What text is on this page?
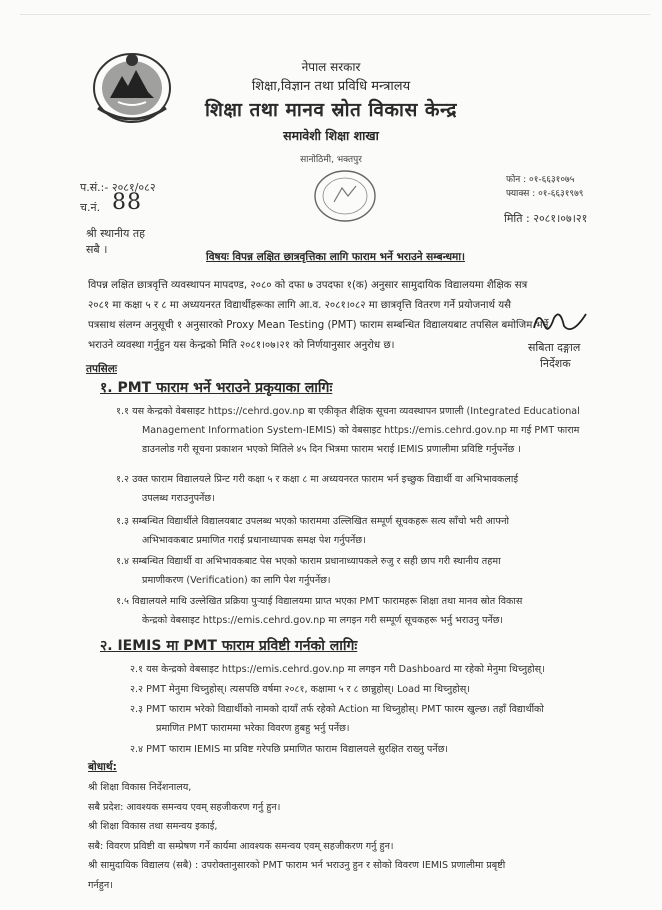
नेपाल सरकार
शिक्षा,विज्ञान तथा प्रविधि मन्त्रालय
शिक्षा तथा मानव स्रोत विकास केन्द्र
समावेशी शिक्षा शाखा
सानोठिमी, भक्तपुर
फोन : ०१-६६३१०७५
फ्याक्स : ०१-६६३१९७९
प.सं.:- २०८१/०८२
च.नं. 88
मिति : २०८१।०७।२१
श्री स्थानीय तह
सबै ।
विषयः विपन्न लक्षित छात्रवृत्तिका लागि फाराम भर्ने भराउने सम्बन्धमा।
विपन्न लक्षित छात्रवृत्ति व्यवस्थापन मापदण्ड, २०८० को दफा ७ उपदफा १(क) अनुसार सामुदायिक विद्यालयमा शैक्षिक सत्र
२०८१ मा कक्षा ५ र ८ मा अध्ययनरत विद्यार्थीहरूका लागि आ.व. २०८१।०८२ मा छात्रवृत्ति वितरण गर्ने प्रयोजनार्थ यसै
पत्रसाथ संलग्न अनुसूची १ अनुसारको Proxy Mean Testing (PMT) फाराम सम्बन्धित विद्यालयबाट तपसिल बमोजिम भर्ने
भराउने व्यवस्था गर्नुहुन यस केन्द्रको मिति २०८१।०७।२१ को निर्णयानुसार अनुरोध छ।	सबिता दङ्गाल
निर्देशक
तपसिलः
१. PMT फाराम भर्ने भराउने प्रकृयाका लागिः
१.१ यस केन्द्रको वेबसाइट https://cehrd.gov.np बा एकीकृत शैक्षिक सूचना व्यवस्थापन प्रणाली (Integrated Educational
Management Information System-IEMIS) को वेबसाइट https://emis.cehrd.gov.np मा गई PMT फाराम
डाउनलोड गरी सूचना प्रकाशन भएको मितिले ४५ दिन भित्रमा फाराम भराई IEMIS प्रणालीमा प्रविष्टि गर्नुपर्नेछ ।
१.२ उक्त फाराम विद्यालयले प्रिन्ट गरी कक्षा ५ र कक्षा ८ मा अध्ययनरत फाराम भर्न इच्छुक विद्यार्थी वा अभिभावकलाई
उपलब्ध गराउनुपर्नेछ।
१.३ सम्बन्धित विद्यार्थीले विद्यालयबाट उपलब्ध भएको फाराममा उल्लिखित सम्पूर्ण सूचकहरू सत्य साँचो भरी आफ्नो
अभिभावकबाट प्रमाणित गराई प्रधानाध्यापक समक्ष पेश गर्नुपर्नेछ।
१.४ सम्बन्धित विद्यार्थी वा अभिभावकबाट पेस भएको फाराम प्रधानाध्यापकले रुजु र सही छाप गरी स्थानीय तहमा
प्रमाणीकरण (Verification) का लागि पेश गर्नुपर्नेछ।
१.५ विद्यालयले माथि उल्लेखित प्रक्रिया पुऱ्याई विद्यालयमा प्राप्त भएका PMT फारामहरू शिक्षा तथा मानव स्रोत विकास
केन्द्रको वेबसाइट https://emis.cehrd.gov.np मा लगइन गरी सम्पूर्ण सूचकहरू भर्नु भराउनु पर्नेछ।
२. IEMIS मा PMT फाराम प्रविष्टी गर्नको लागिः
२.१ यस केन्द्रको वेबसाइट https://emis.cehrd.gov.np मा लगइन गरी Dashboard मा रहेको मेनुमा थिच्नुहोस्।
२.२ PMT मेनुमा थिच्नुहोस्। त्यसपछि वर्षमा २०८१, कक्षामा ५ र ८ छान्नुहोस्। Load मा थिच्नुहोस्।
२.३ PMT फाराम भरेको विद्यार्थीको नामको दायाँ तर्फ रहेको Action मा थिच्नुहोस्। PMT फारम खुल्छ। तहाँ विद्यार्थीको
प्रमाणित PMT फाराममा भरेका विवरण हुबहु भर्नु पर्नेछ।
२.४ PMT फाराम IEMIS मा प्रविष्ट गरेपछि प्रमाणित फाराम विद्यालयले सुरक्षित राख्नु पर्नेछ।
बोधार्थ:
श्री शिक्षा विकास निर्देशनालय,
सबै प्रदेश: आवश्यक समन्वय एवम् सहजीकरण गर्नु हुन।
श्री शिक्षा विकास तथा समन्वय इकाई,
सबै: विवरण प्रविष्टी वा सम्प्रेषण गर्ने कार्यमा आवश्यक समन्वय एवम् सहजीकरण गर्नु हुन।
श्री सामुदायिक विद्यालय (सबै) : उपरोक्तानुसारको PMT फाराम भर्न भराउनु हुन र सोको विवरण IEMIS प्रणालीमा प्रबृष्टी
गर्नहुन।
